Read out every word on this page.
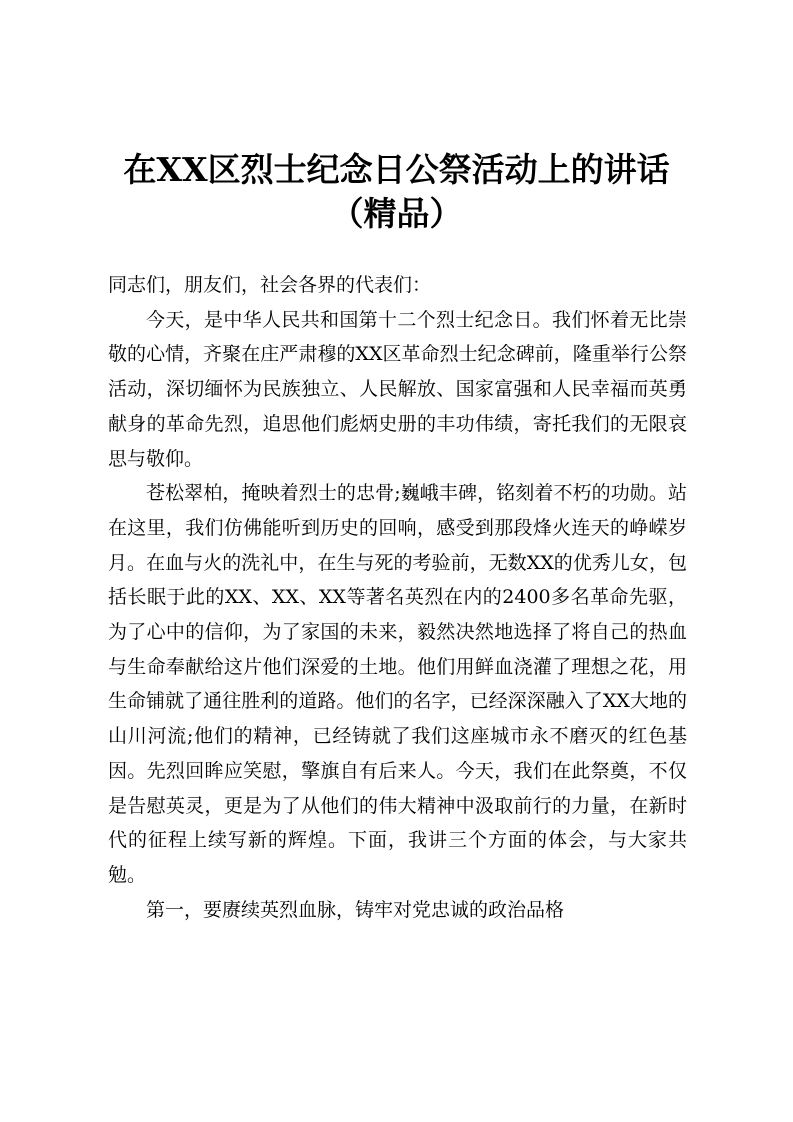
在XX区烈士纪念日公祭活动上的讲话（精品）

同志们，朋友们，社会各界的代表们：

今天，是中华人民共和国第十二个烈士纪念日。我们怀着无比崇敬的心情，齐聚在庄严肃穆的XX区革命烈士纪念碑前，隆重举行公祭活动，深切缅怀为民族独立、人民解放、国家富强和人民幸福而英勇献身的革命先烈，追思他们彪炳史册的丰功伟绩，寄托我们的无限哀思与敬仰。

苍松翠柏，掩映着烈士的忠骨;巍峨丰碑，铭刻着不朽的功勋。站在这里，我们仿佛能听到历史的回响，感受到那段烽火连天的峥嵘岁月。在血与火的洗礼中，在生与死的考验前，无数XX的优秀儿女，包括长眠于此的XX、XX、XX等著名英烈在内的2400多名革命先驱，为了心中的信仰，为了家国的未来，毅然决然地选择了将自己的热血与生命奉献给这片他们深爱的土地。他们用鲜血浇灌了理想之花，用生命铺就了通往胜利的道路。他们的名字，已经深深融入了XX大地的山川河流;他们的精神，已经铸就了我们这座城市永不磨灭的红色基因。先烈回眸应笑慰，擎旗自有后来人。今天，我们在此祭奠，不仅是告慰英灵，更是为了从他们的伟大精神中汲取前行的力量，在新时代的征程上续写新的辉煌。下面，我讲三个方面的体会，与大家共勉。

第一，要赓续英烈血脉，铸牢对党忠诚的政治品格
